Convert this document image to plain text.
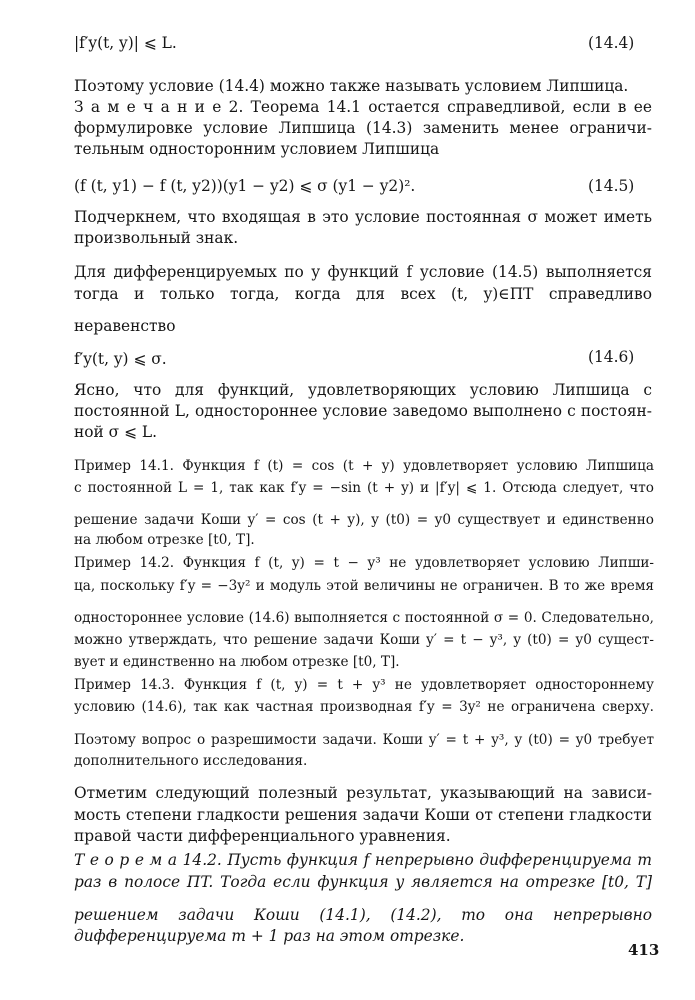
|f′y(t, y)| ⩽ L.	(14.4)
Поэтому условие (14.4) можно также называть условием Липшица.
З а м е ч а н и е 2. Теорема 14.1 остается справедливой, если в ее
формулировке условие Липшица (14.3) заменить менее ограничи-
тельным односторонним условием Липшица
(f (t, y1) − f (t, y2))(y1 − y2) ⩽ σ (y1 − y2)².	(14.5)
Подчеркнем, что входящая в это условие постоянная σ может иметь
произвольный знак.
Для дифференцируемых по y функций f условие (14.5) выполняется
тогда и только тогда, когда для всех (t, y)∈ПT справедливо
неравенство
f′y(t, y) ⩽ σ.	(14.6)
Ясно, что для функций, удовлетворяющих условию Липшица с
постоянной L, одностороннее условие заведомо выполнено с постоян-
ной σ ⩽ L.
Пример 14.1. Функция f (t) = cos (t + y) удовлетворяет условию Липшица
с постоянной L = 1, так как f′y = −sin (t + y) и |f′y| ⩽ 1. Отсюда следует, что
решение задачи Коши y′ = cos (t + y), y (t0) = y0 существует и единственно
на любом отрезке [t0, T].
Пример 14.2. Функция f (t, y) = t − y³ не удовлетворяет условию Липши-
ца, поскольку f′y = −3y² и модуль этой величины не ограничен. В то же время
одностороннее условие (14.6) выполняется с постоянной σ = 0. Следовательно,
можно утверждать, что решение задачи Коши y′ = t − y³, y (t0) = y0 сущест-
вует и единственно на любом отрезке [t0, T].
Пример 14.3. Функция f (t, y) = t + y³ не удовлетворяет одностороннему
условию (14.6), так как частная производная f′y = 3y² не ограничена сверху.
Поэтому вопрос о разрешимости задачи. Коши y′ = t + y³, y (t0) = y0 требует
дополнительного исследования.
Отметим следующий полезный результат, указывающий на зависи-
мость степени гладкости решения задачи Коши от степени гладкости
правой части дифференциального уравнения.
Т е о р е м а 14.2. Пусть функция f непрерывно дифференцируема m
раз в полосе ПT. Тогда если функция y является на отрезке [t0, T]
решением задачи Коши (14.1), (14.2), то она непрерывно
дифференцируема m + 1 раз на этом отрезке.
413
